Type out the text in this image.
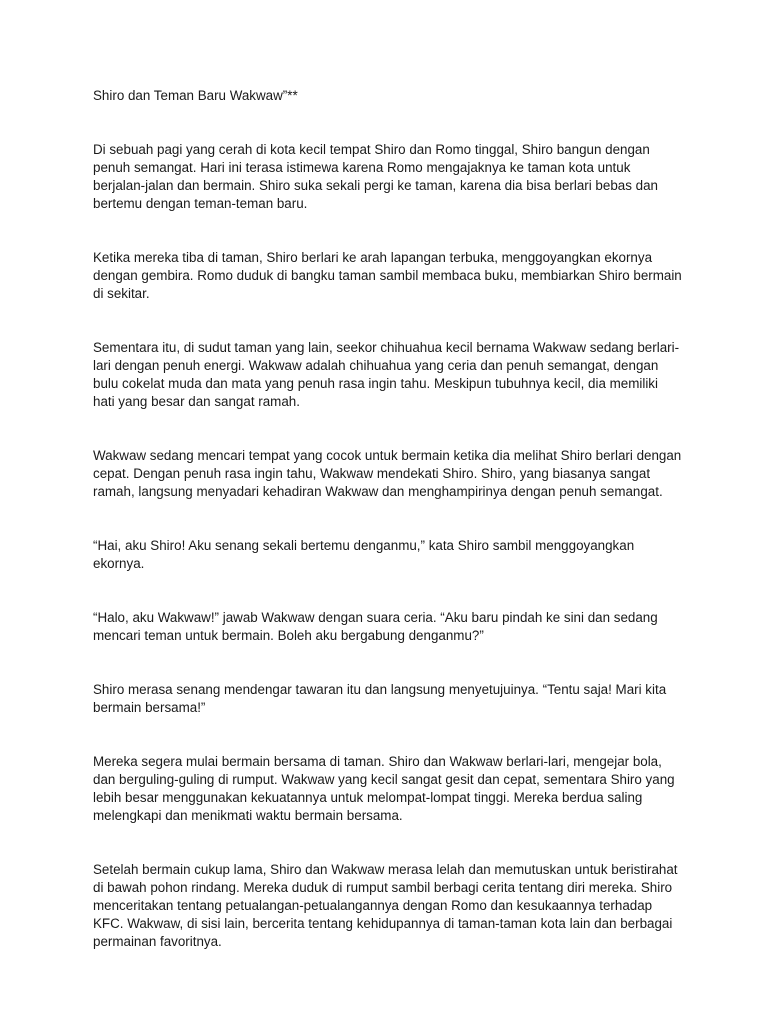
Shiro dan Teman Baru Wakwaw”**

Di sebuah pagi yang cerah di kota kecil tempat Shiro dan Romo tinggal, Shiro bangun dengan penuh semangat. Hari ini terasa istimewa karena Romo mengajaknya ke taman kota untuk berjalan-jalan dan bermain. Shiro suka sekali pergi ke taman, karena dia bisa berlari bebas dan bertemu dengan teman-teman baru.

Ketika mereka tiba di taman, Shiro berlari ke arah lapangan terbuka, menggoyangkan ekornya dengan gembira. Romo duduk di bangku taman sambil membaca buku, membiarkan Shiro bermain di sekitar.

Sementara itu, di sudut taman yang lain, seekor chihuahua kecil bernama Wakwaw sedang berlari-lari dengan penuh energi. Wakwaw adalah chihuahua yang ceria dan penuh semangat, dengan bulu cokelat muda dan mata yang penuh rasa ingin tahu. Meskipun tubuhnya kecil, dia memiliki hati yang besar dan sangat ramah.

Wakwaw sedang mencari tempat yang cocok untuk bermain ketika dia melihat Shiro berlari dengan cepat. Dengan penuh rasa ingin tahu, Wakwaw mendekati Shiro. Shiro, yang biasanya sangat ramah, langsung menyadari kehadiran Wakwaw dan menghampirinya dengan penuh semangat.

“Hai, aku Shiro! Aku senang sekali bertemu denganmu,” kata Shiro sambil menggoyangkan ekornya.

“Halo, aku Wakwaw!” jawab Wakwaw dengan suara ceria. “Aku baru pindah ke sini dan sedang mencari teman untuk bermain. Boleh aku bergabung denganmu?”

Shiro merasa senang mendengar tawaran itu dan langsung menyetujuinya. “Tentu saja! Mari kita bermain bersama!”

Mereka segera mulai bermain bersama di taman. Shiro dan Wakwaw berlari-lari, mengejar bola, dan berguling-guling di rumput. Wakwaw yang kecil sangat gesit dan cepat, sementara Shiro yang lebih besar menggunakan kekuatannya untuk melompat-lompat tinggi. Mereka berdua saling melengkapi dan menikmati waktu bermain bersama.

Setelah bermain cukup lama, Shiro dan Wakwaw merasa lelah dan memutuskan untuk beristirahat di bawah pohon rindang. Mereka duduk di rumput sambil berbagi cerita tentang diri mereka. Shiro menceritakan tentang petualangan-petualangannya dengan Romo dan kesukaannya terhadap KFC. Wakwaw, di sisi lain, bercerita tentang kehidupannya di taman-taman kota lain dan berbagai permainan favoritnya.
